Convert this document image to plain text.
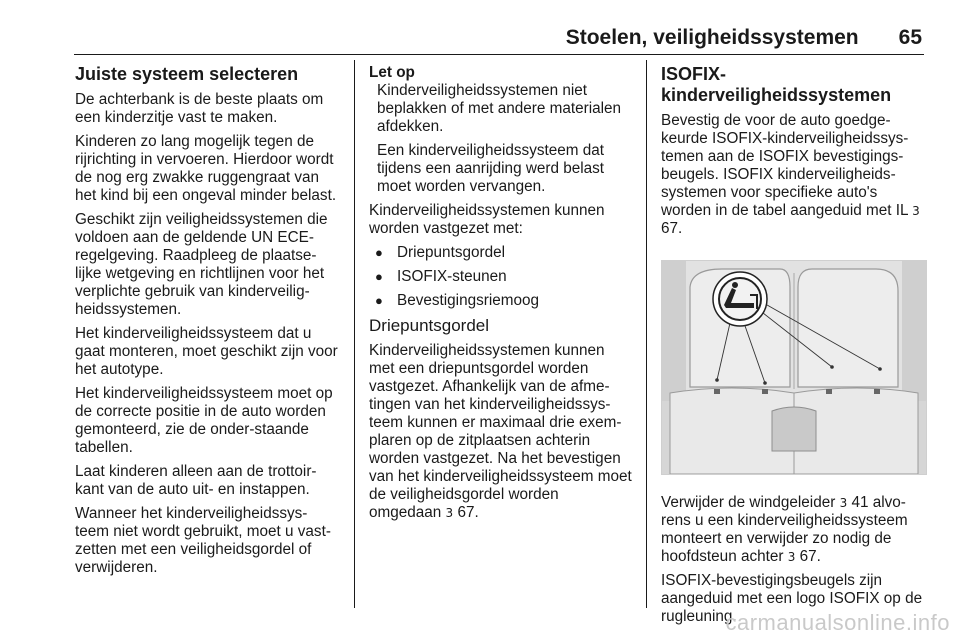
Stoelen, veiligheidssystemen 65
Juiste systeem selecteren

De achterbank is de beste plaats om een kinderzitje vast te maken.

Kinderen zo lang mogelijk tegen de rijrichting in vervoeren. Hierdoor wordt de nog erg zwakke ruggengraat van het kind bij een ongeval minder belast.

Geschikt zijn veiligheidssystemen die voldoen aan de geldende UN ECE-regelgeving. Raadpleeg de plaatse-lijke wetgeving en richtlijnen voor het verplichte gebruik van kinderveilig-heidssystemen.

Het kinderveiligheidssysteem dat u gaat monteren, moet geschikt zijn voor het autotype.

Het kinderveiligheidssysteem moet op de correcte positie in de auto worden gemonteerd, zie de onder-staande tabellen.

Laat kinderen alleen aan de trottoir-kant van de auto uit- en instappen.

Wanneer het kinderveiligheidssys-teem niet wordt gebruikt, moet u vast-zetten met een veiligheidsgordel of verwijderen.

Let op

Kinderveiligheidssystemen niet beplakken of met andere materialen afdekken.

Een kinderveiligheidssysteem dat tijdens een aanrijding werd belast moet worden vervangen.

Kinderveiligheidssystemen kunnen worden vastgezet met:

● Driepuntsgordel
● ISOFIX-steunen
● Bevestigingsriemoog
Driepuntsgordel

Kinderveiligheidssystemen kunnen met een driepuntsgordel worden vastgezet. Afhankelijk van de afme-tingen van het kinderveiligheidssys-teem kunnen er maximaal drie exem-plaren op de zitplaatsen achterin worden vastgezet. Na het bevestigen van het kinderveiligheidssysteem moet de veiligheidsgordel worden omgedaan 3 67.

ISOFIX-kinderveiligheidssystemen

Bevestig de voor de auto goedge-keurde ISOFIX-kinderveiligheidssys-temen aan de ISOFIX bevestigings-beugels. ISOFIX kinderveiligheids-systemen voor specifieke auto's worden in de tabel aangeduid met IL 3 67.

Verwijder de windgeleider 3 41 alvo-rens u een kinderveiligheidssysteem monteert en verwijder zo nodig de hoofdsteun achter 3 67.

ISOFIX-bevestigingsbeugels zijn aangeduid met een logo ISOFIX op de rugleuning.

carmanualsonline.info
